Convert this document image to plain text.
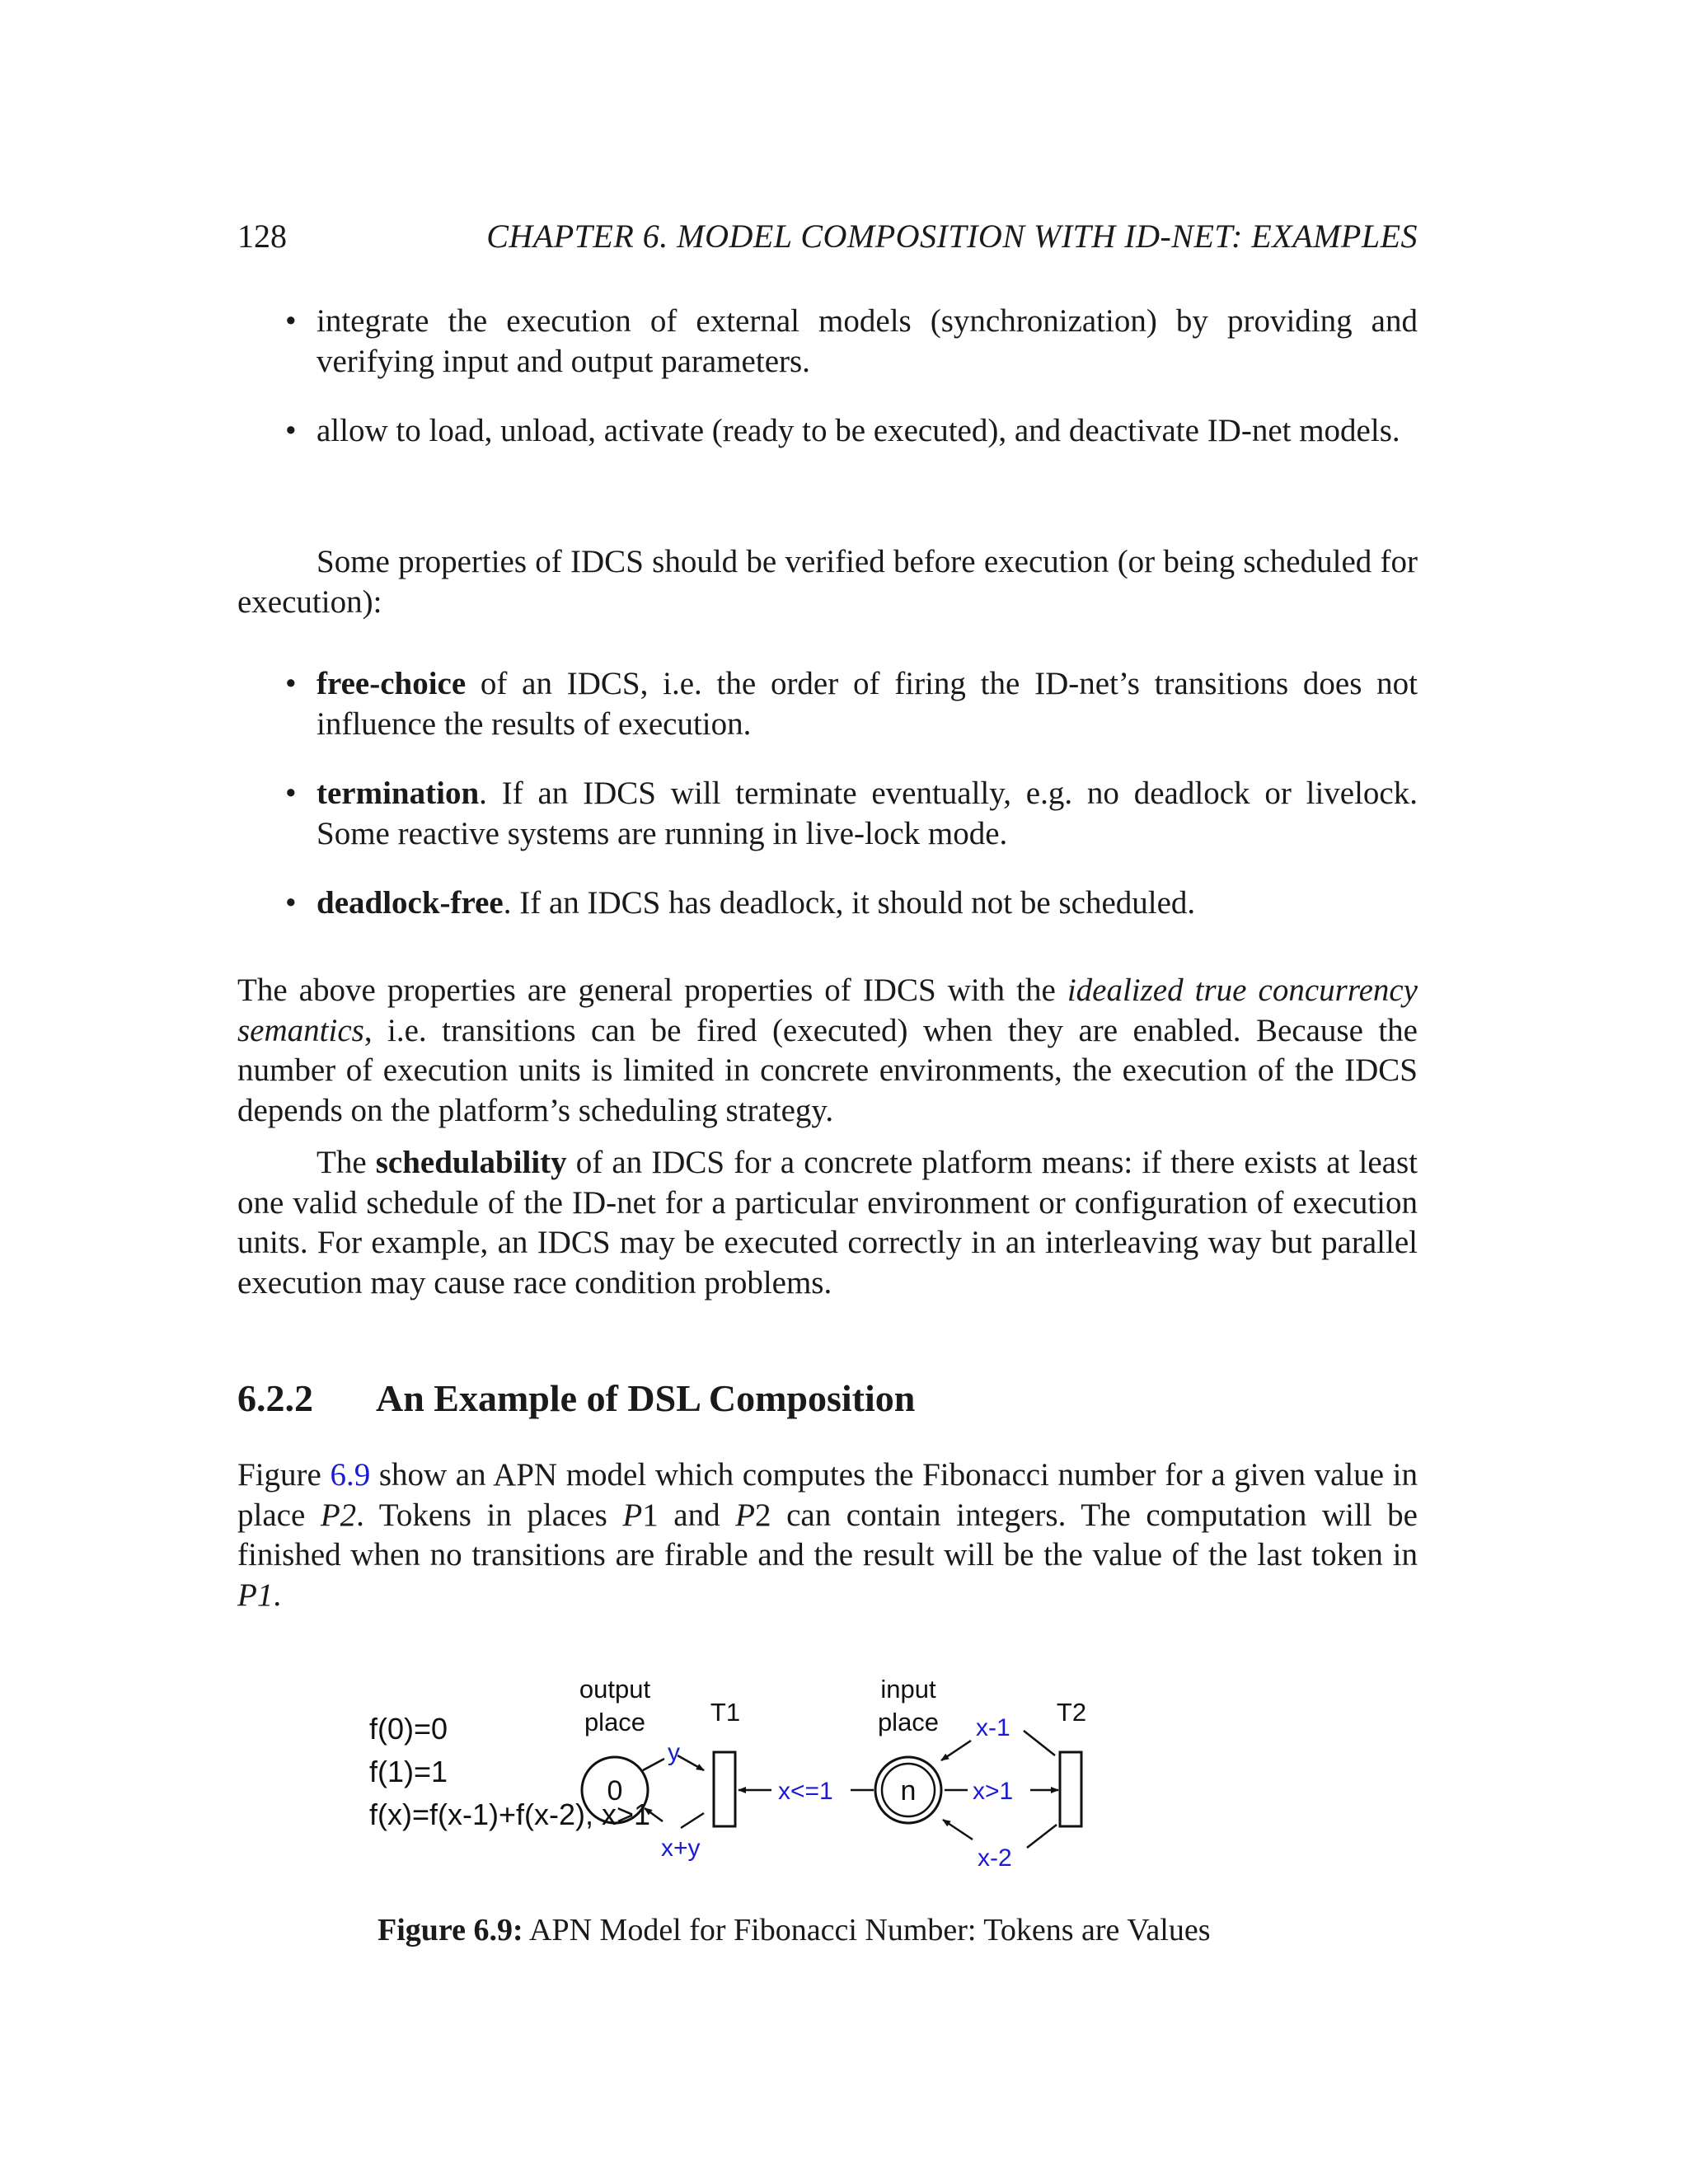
128	CHAPTER 6. MODEL COMPOSITION WITH ID-NET: EXAMPLES
• integrate the execution of external models (synchronization) by providing and verifying input and output parameters.
• allow to load, unload, activate (ready to be executed), and deactivate ID-net models.

Some properties of IDCS should be verified before execution (or being scheduled for execution):

• free-choice of an IDCS, i.e. the order of firing the ID-net’s transitions does not influence the results of execution.
• termination. If an IDCS will terminate eventually, e.g. no deadlock or livelock. Some reactive systems are running in live-lock mode.
• deadlock-free. If an IDCS has deadlock, it should not be scheduled.

The above properties are general properties of IDCS with the idealized true concurrency semantics, i.e. transitions can be fired (executed) when they are enabled. Because the number of execution units is limited in concrete environments, the execution of the IDCS depends on the platform’s scheduling strategy.

The schedulability of an IDCS for a concrete platform means: if there exists at least one valid schedule of the ID-net for a particular environment or configuration of execution units. For example, an IDCS may be executed correctly in an interleaving way but parallel execution may cause race condition problems.

6.2.2 An Example of DSL Composition

Figure 6.9 show an APN model which computes the Fibonacci number for a given value in place P2. Tokens in places P1 and P2 can contain integers. The computation will be finished when no transitions are firable and the result will be the value of the last token in P1.

f(0)=0
f(1)=1
f(x)=f(x-1)+f(x-2), x>1
output
place
0
y
x+y
T1
x<=1
input
place
n
x-1
x>1
x-2
T2
Figure 6.9: APN Model for Fibonacci Number: Tokens are Values
